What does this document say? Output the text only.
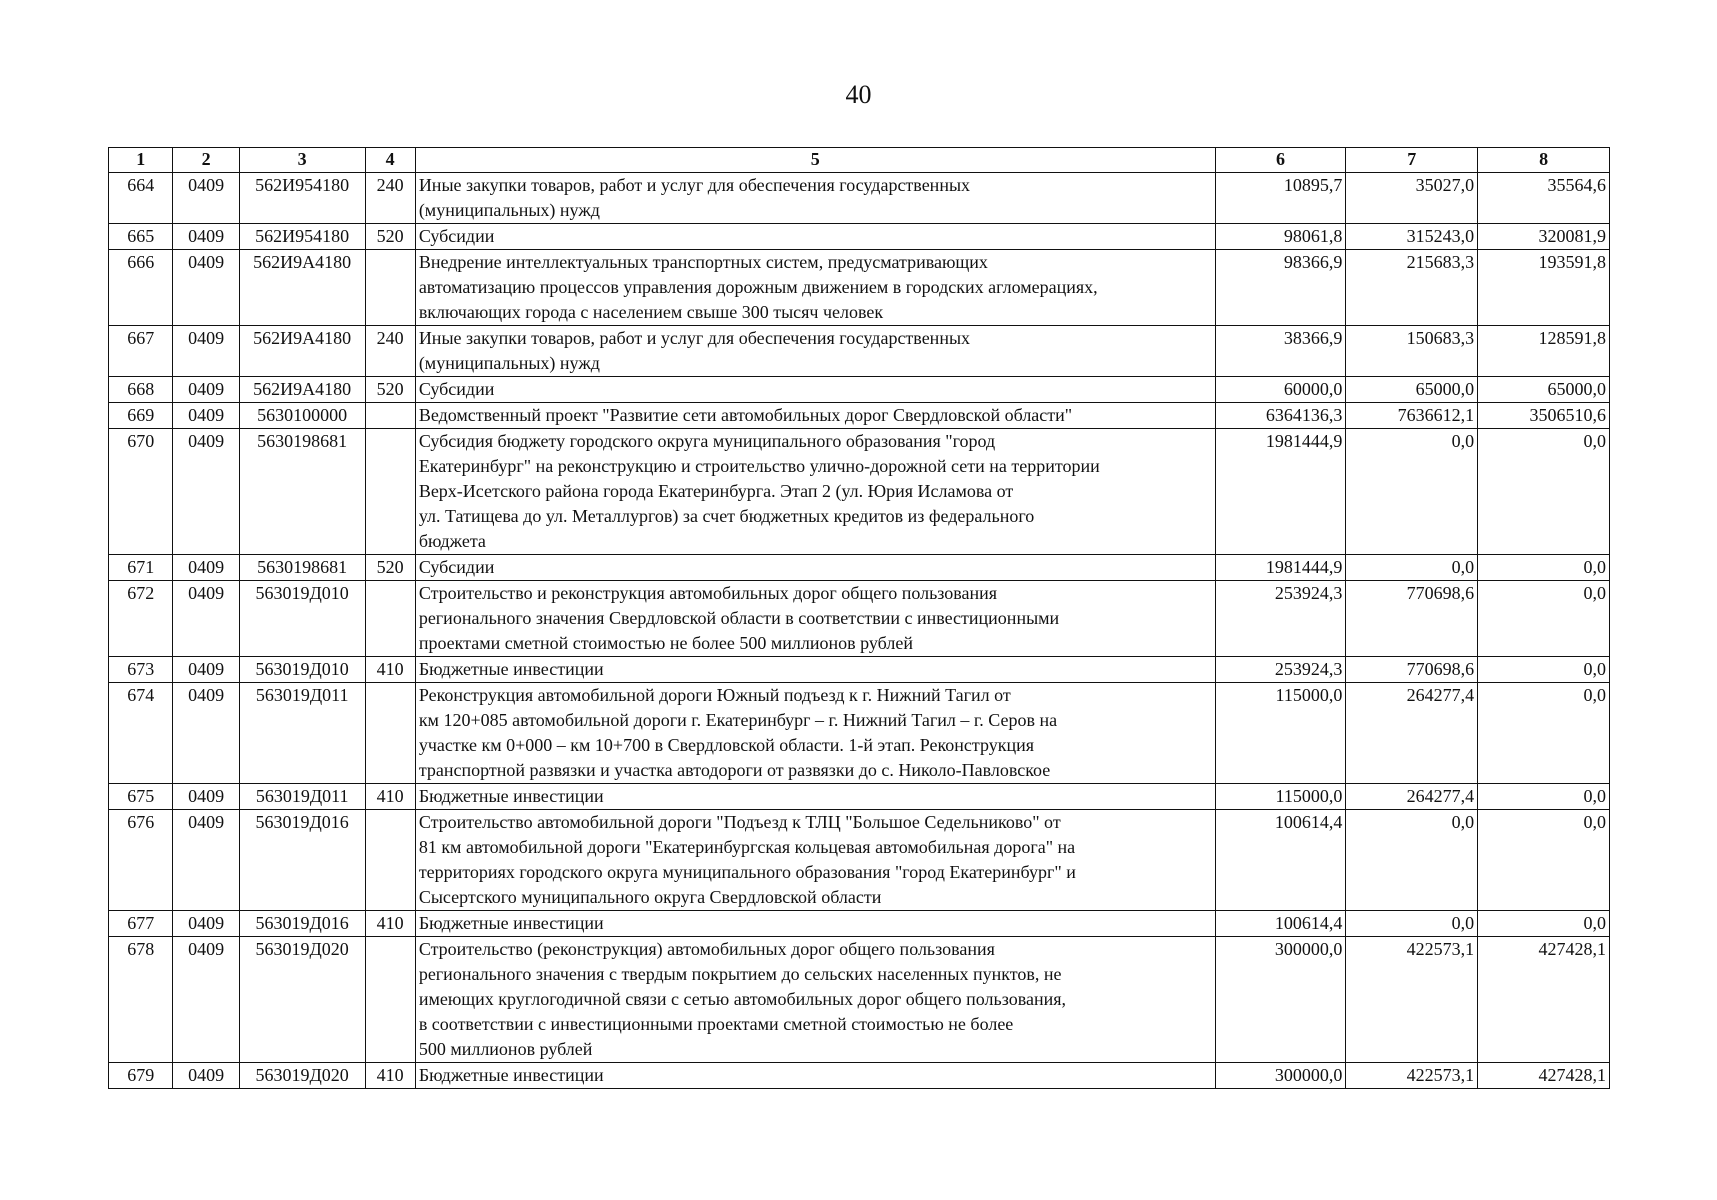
40
1	2	3	4	5	6	7	8
664	0409	562И954180	240	Иные закупки товаров, работ и услуг для обеспечения государственных
(муниципальных) нужд	10895,7	35027,0	35564,6
665	0409	562И954180	520	Субсидии	98061,8	315243,0	320081,9
666	0409	562И9А4180		Внедрение интеллектуальных транспортных систем, предусматривающих
автоматизацию процессов управления дорожным движением в городских агломерациях,
включающих города с населением свыше 300 тысяч человек	98366,9	215683,3	193591,8
667	0409	562И9А4180	240	Иные закупки товаров, работ и услуг для обеспечения государственных
(муниципальных) нужд	38366,9	150683,3	128591,8
668	0409	562И9А4180	520	Субсидии	60000,0	65000,0	65000,0
669	0409	5630100000		Ведомственный проект "Развитие сети автомобильных дорог Свердловской области"	6364136,3	7636612,1	3506510,6
670	0409	5630198681		Субсидия бюджету городского округа муниципального образования "город
Екатеринбург" на реконструкцию и строительство улично-дорожной сети на территории
Верх-Исетского района города Екатеринбурга. Этап 2 (ул. Юрия Исламова от
ул. Татищева до ул. Металлургов) за счет бюджетных кредитов из федерального
бюджета	1981444,9	0,0	0,0
671	0409	5630198681	520	Субсидии	1981444,9	0,0	0,0
672	0409	563019Д010		Строительство и реконструкция автомобильных дорог общего пользования
регионального значения Свердловской области в соответствии с инвестиционными
проектами сметной стоимостью не более 500 миллионов рублей	253924,3	770698,6	0,0
673	0409	563019Д010	410	Бюджетные инвестиции	253924,3	770698,6	0,0
674	0409	563019Д011		Реконструкция автомобильной дороги Южный подъезд к г. Нижний Тагил от
км 120+085 автомобильной дороги г. Екатеринбург – г. Нижний Тагил – г. Серов на
участке км 0+000 – км 10+700 в Свердловской области. 1-й этап. Реконструкция
транспортной развязки и участка автодороги от развязки до с. Николо-Павловское	115000,0	264277,4	0,0
675	0409	563019Д011	410	Бюджетные инвестиции	115000,0	264277,4	0,0
676	0409	563019Д016		Строительство автомобильной дороги "Подъезд к ТЛЦ "Большое Седельниково" от
81 км автомобильной дороги "Екатеринбургская кольцевая автомобильная дорога" на
территориях городского округа муниципального образования "город Екатеринбург" и
Сысертского муниципального округа Свердловской области	100614,4	0,0	0,0
677	0409	563019Д016	410	Бюджетные инвестиции	100614,4	0,0	0,0
678	0409	563019Д020		Строительство (реконструкция) автомобильных дорог общего пользования
регионального значения с твердым покрытием до сельских населенных пунктов, не
имеющих круглогодичной связи с сетью автомобильных дорог общего пользования,
в соответствии с инвестиционными проектами сметной стоимостью не более
500 миллионов рублей	300000,0	422573,1	427428,1
679	0409	563019Д020	410	Бюджетные инвестиции	300000,0	422573,1	427428,1
